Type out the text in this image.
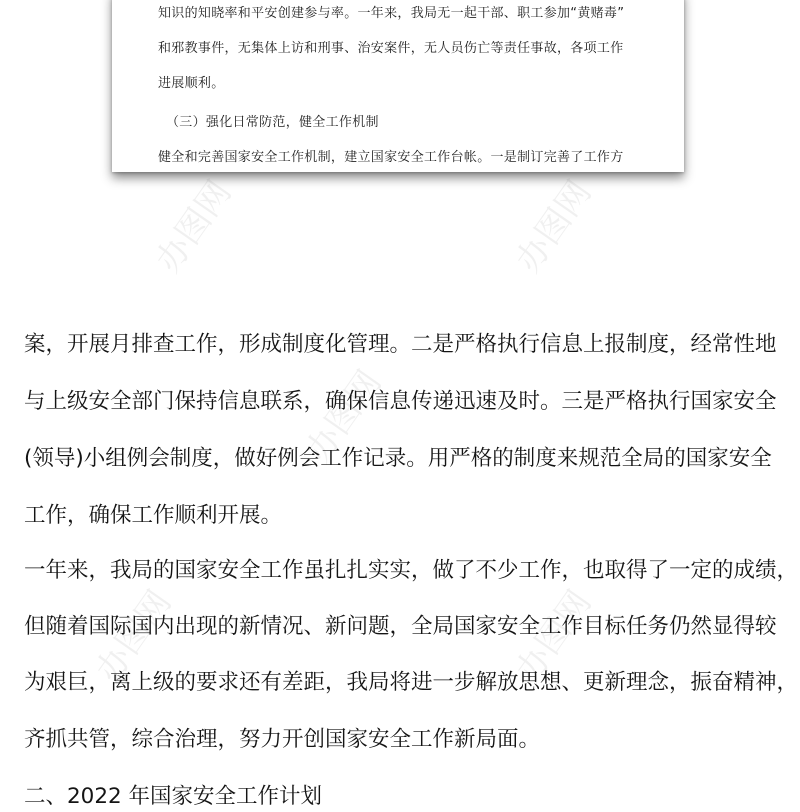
办图网	办图网
办图网
办图网	办图网
知识的知晓率和平安创建参与率。一年来，我局无一起干部、职工参加“黄赌毒”
和邪教事件，无集体上访和刑事、治安案件，无人员伤亡等责任事故，各项工作
进展顺利。
（三）强化日常防范，健全工作机制
健全和完善国家安全工作机制，建立国家安全工作台帐。一是制订完善了工作方
案，开展月排查工作，形成制度化管理。二是严格执行信息上报制度，经常性地
与上级安全部门保持信息联系，确保信息传递迅速及时。三是严格执行国家安全
(领导)小组例会制度，做好例会工作记录。用严格的制度来规范全局的国家安全
工作，确保工作顺利开展。
一年来，我局的国家安全工作虽扎扎实实，做了不少工作，也取得了一定的成绩，
但随着国际国内出现的新情况、新问题，全局国家安全工作目标任务仍然显得较
为艰巨，离上级的要求还有差距，我局将进一步解放思想、更新理念，振奋精神，
齐抓共管，综合治理，努力开创国家安全工作新局面。
二、2022 年国家安全工作计划
